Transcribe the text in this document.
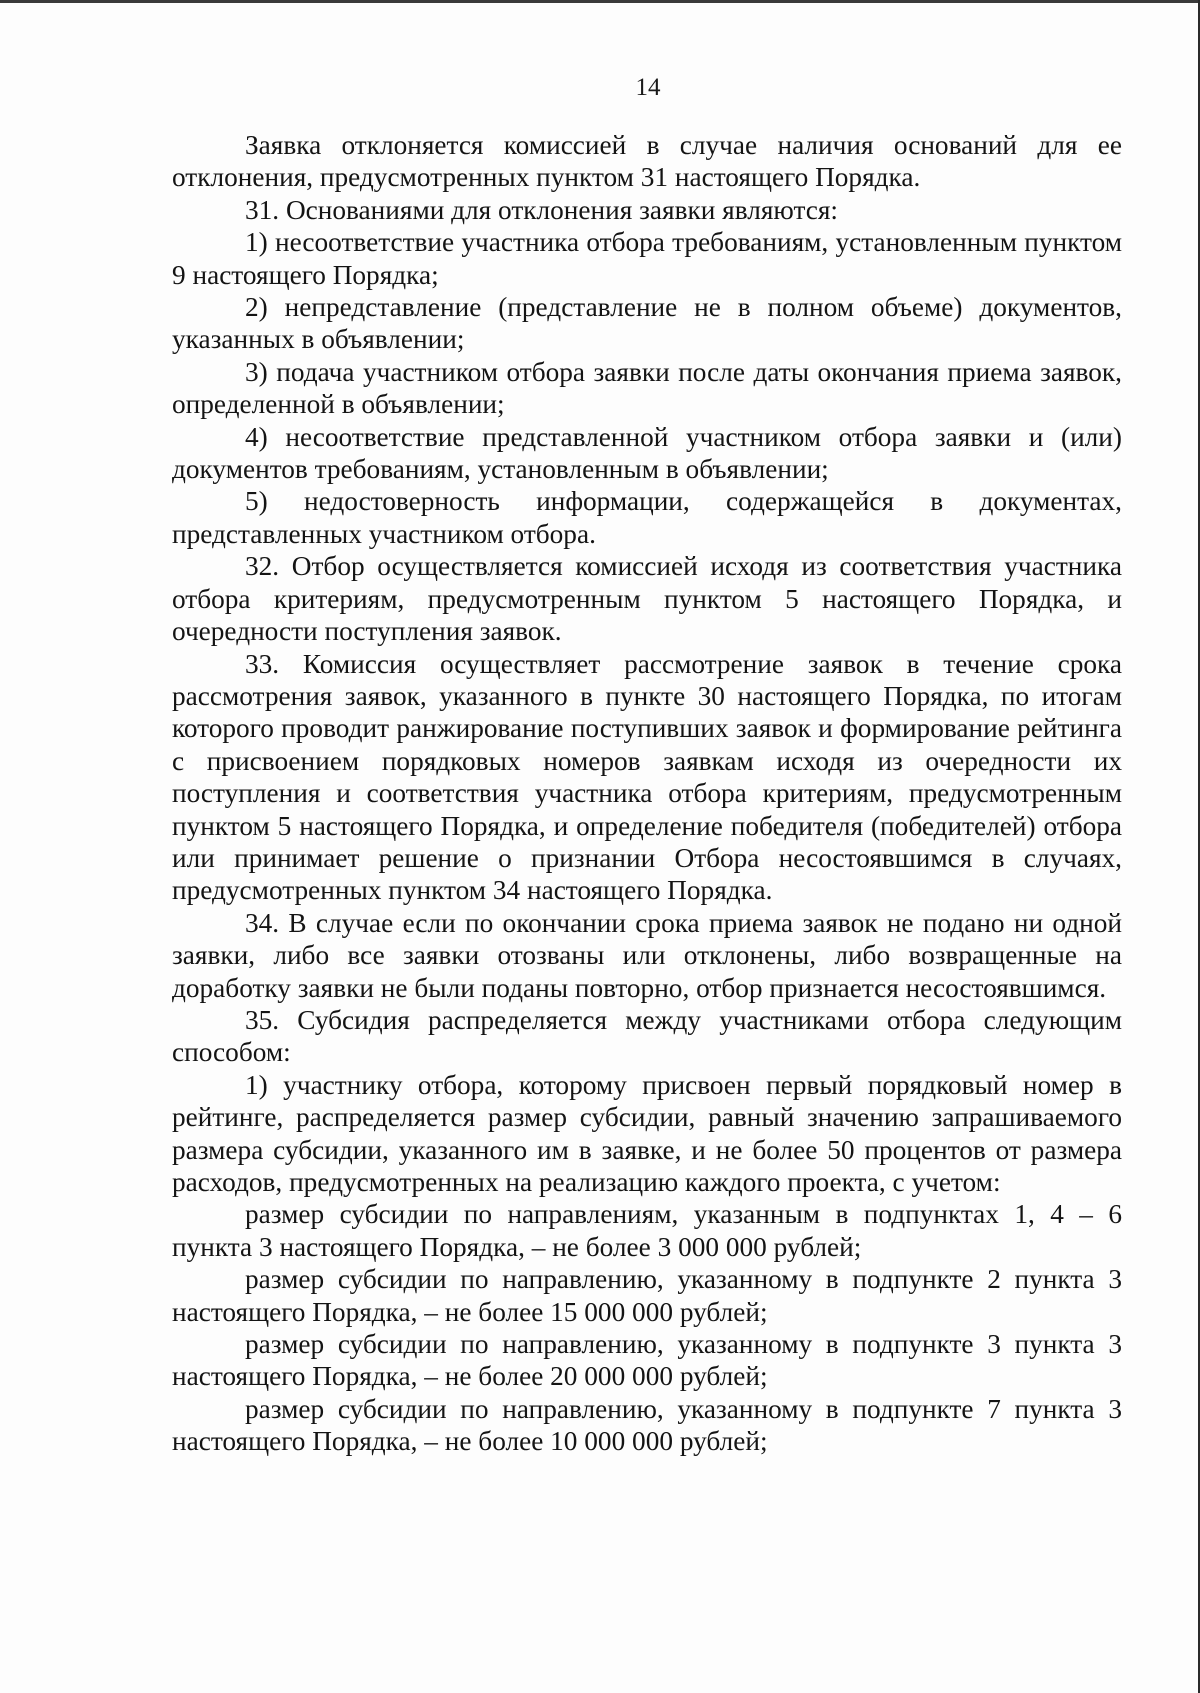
14

Заявка отклоняется комиссией в случае наличия оснований для ее отклонения, предусмотренных пунктом 31 настоящего Порядка.

31. Основаниями для отклонения заявки являются:

1) несоответствие участника отбора требованиям, установленным пунктом 9 настоящего Порядка;

2) непредставление (представление не в полном объеме) документов, указанных в объявлении;

3) подача участником отбора заявки после даты окончания приема заявок, определенной в объявлении;

4) несоответствие представленной участником отбора заявки и (или) документов требованиям, установленным в объявлении;

5) недостоверность информации, содержащейся в документах, представленных участником отбора.

32. Отбор осуществляется комиссией исходя из соответствия участника отбора критериям, предусмотренным пунктом 5 настоящего Порядка, и очередности поступления заявок.

33. Комиссия осуществляет рассмотрение заявок в течение срока рассмотрения заявок, указанного в пункте 30 настоящего Порядка, по итогам которого проводит ранжирование поступивших заявок и формирование рейтинга с присвоением порядковых номеров заявкам исходя из очередности их поступления и соответствия участника отбора критериям, предусмотренным пунктом 5 настоящего Порядка, и определение победителя (победителей) отбора или принимает решение о признании Отбора несостоявшимся в случаях, предусмотренных пунктом 34 настоящего Порядка.

34. В случае если по окончании срока приема заявок не подано ни одной заявки, либо все заявки отозваны или отклонены, либо возвращенные на доработку заявки не были поданы повторно, отбор признается несостоявшимся.

35. Субсидия распределяется между участниками отбора следующим способом:

1) участнику отбора, которому присвоен первый порядковый номер в рейтинге, распределяется размер субсидии, равный значению запрашиваемого размера субсидии, указанного им в заявке, и не более 50 процентов от размера расходов, предусмотренных на реализацию каждого проекта, с учетом:

размер субсидии по направлениям, указанным в подпунктах 1, 4 – 6 пункта 3 настоящего Порядка, – не более 3 000 000 рублей;

размер субсидии по направлению, указанному в подпункте 2 пункта 3 настоящего Порядка, – не более 15 000 000 рублей;

размер субсидии по направлению, указанному в подпункте 3 пункта 3 настоящего Порядка, – не более 20 000 000 рублей;

размер субсидии по направлению, указанному в подпункте 7 пункта 3 настоящего Порядка, – не более 10 000 000 рублей;
